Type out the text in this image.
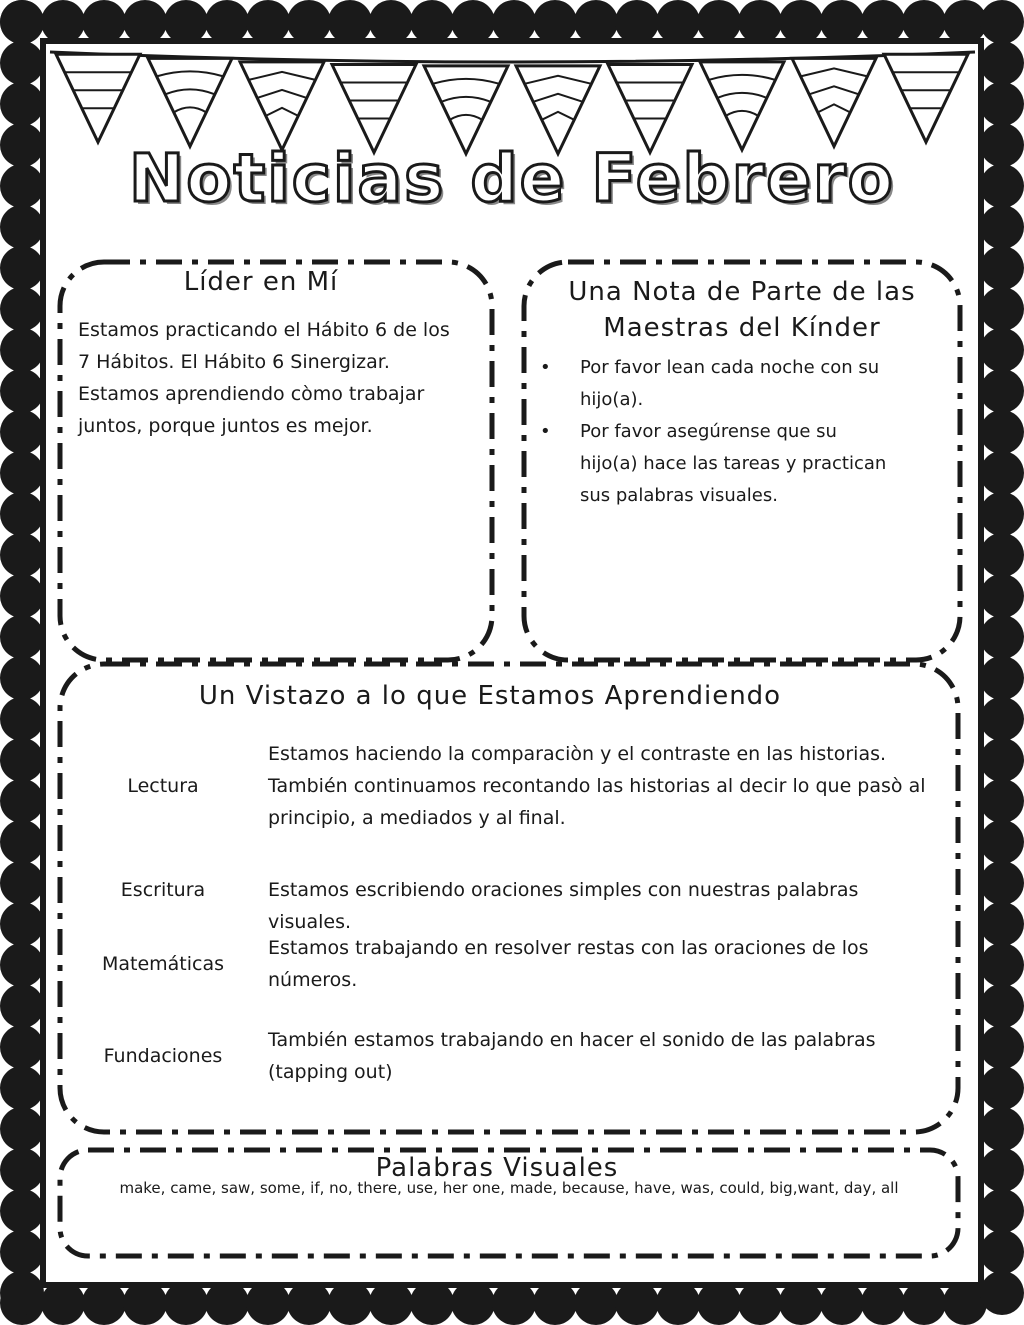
Noticias de Febrero
Líder en Mí

Estamos practicando el Hábito 6 de los

7 Hábitos. El Hábito 6 Sinergizar.

Estamos aprendiendo còmo trabajar

juntos, porque juntos es mejor.

Una Nota de Parte de las
Maestras del Kínder
• Por favor lean cada noche con su
hijo(a).
• Por favor asegúrense que su
hijo(a) hace las tareas y practican
sus palabras visuales.
Un Vistazo a lo que Estamos Aprendiendo
Lectura
Estamos haciendo la comparaciòn y el contraste en las historias.
También continuamos recontando las historias al decir lo que pasò al
principio, a mediados y al final.
Escritura	Estamos escribiendo oraciones simples con nuestras palabras visuales.
Matemáticas
Estamos trabajando en resolver restas con las oraciones de los
números.
Fundaciones
También estamos trabajando en hacer el sonido de las palabras
(tapping out)
Palabras Visuales

make, came, saw, some, if, no, there, use, her one, made, because, have, was, could, big,want, day, all
